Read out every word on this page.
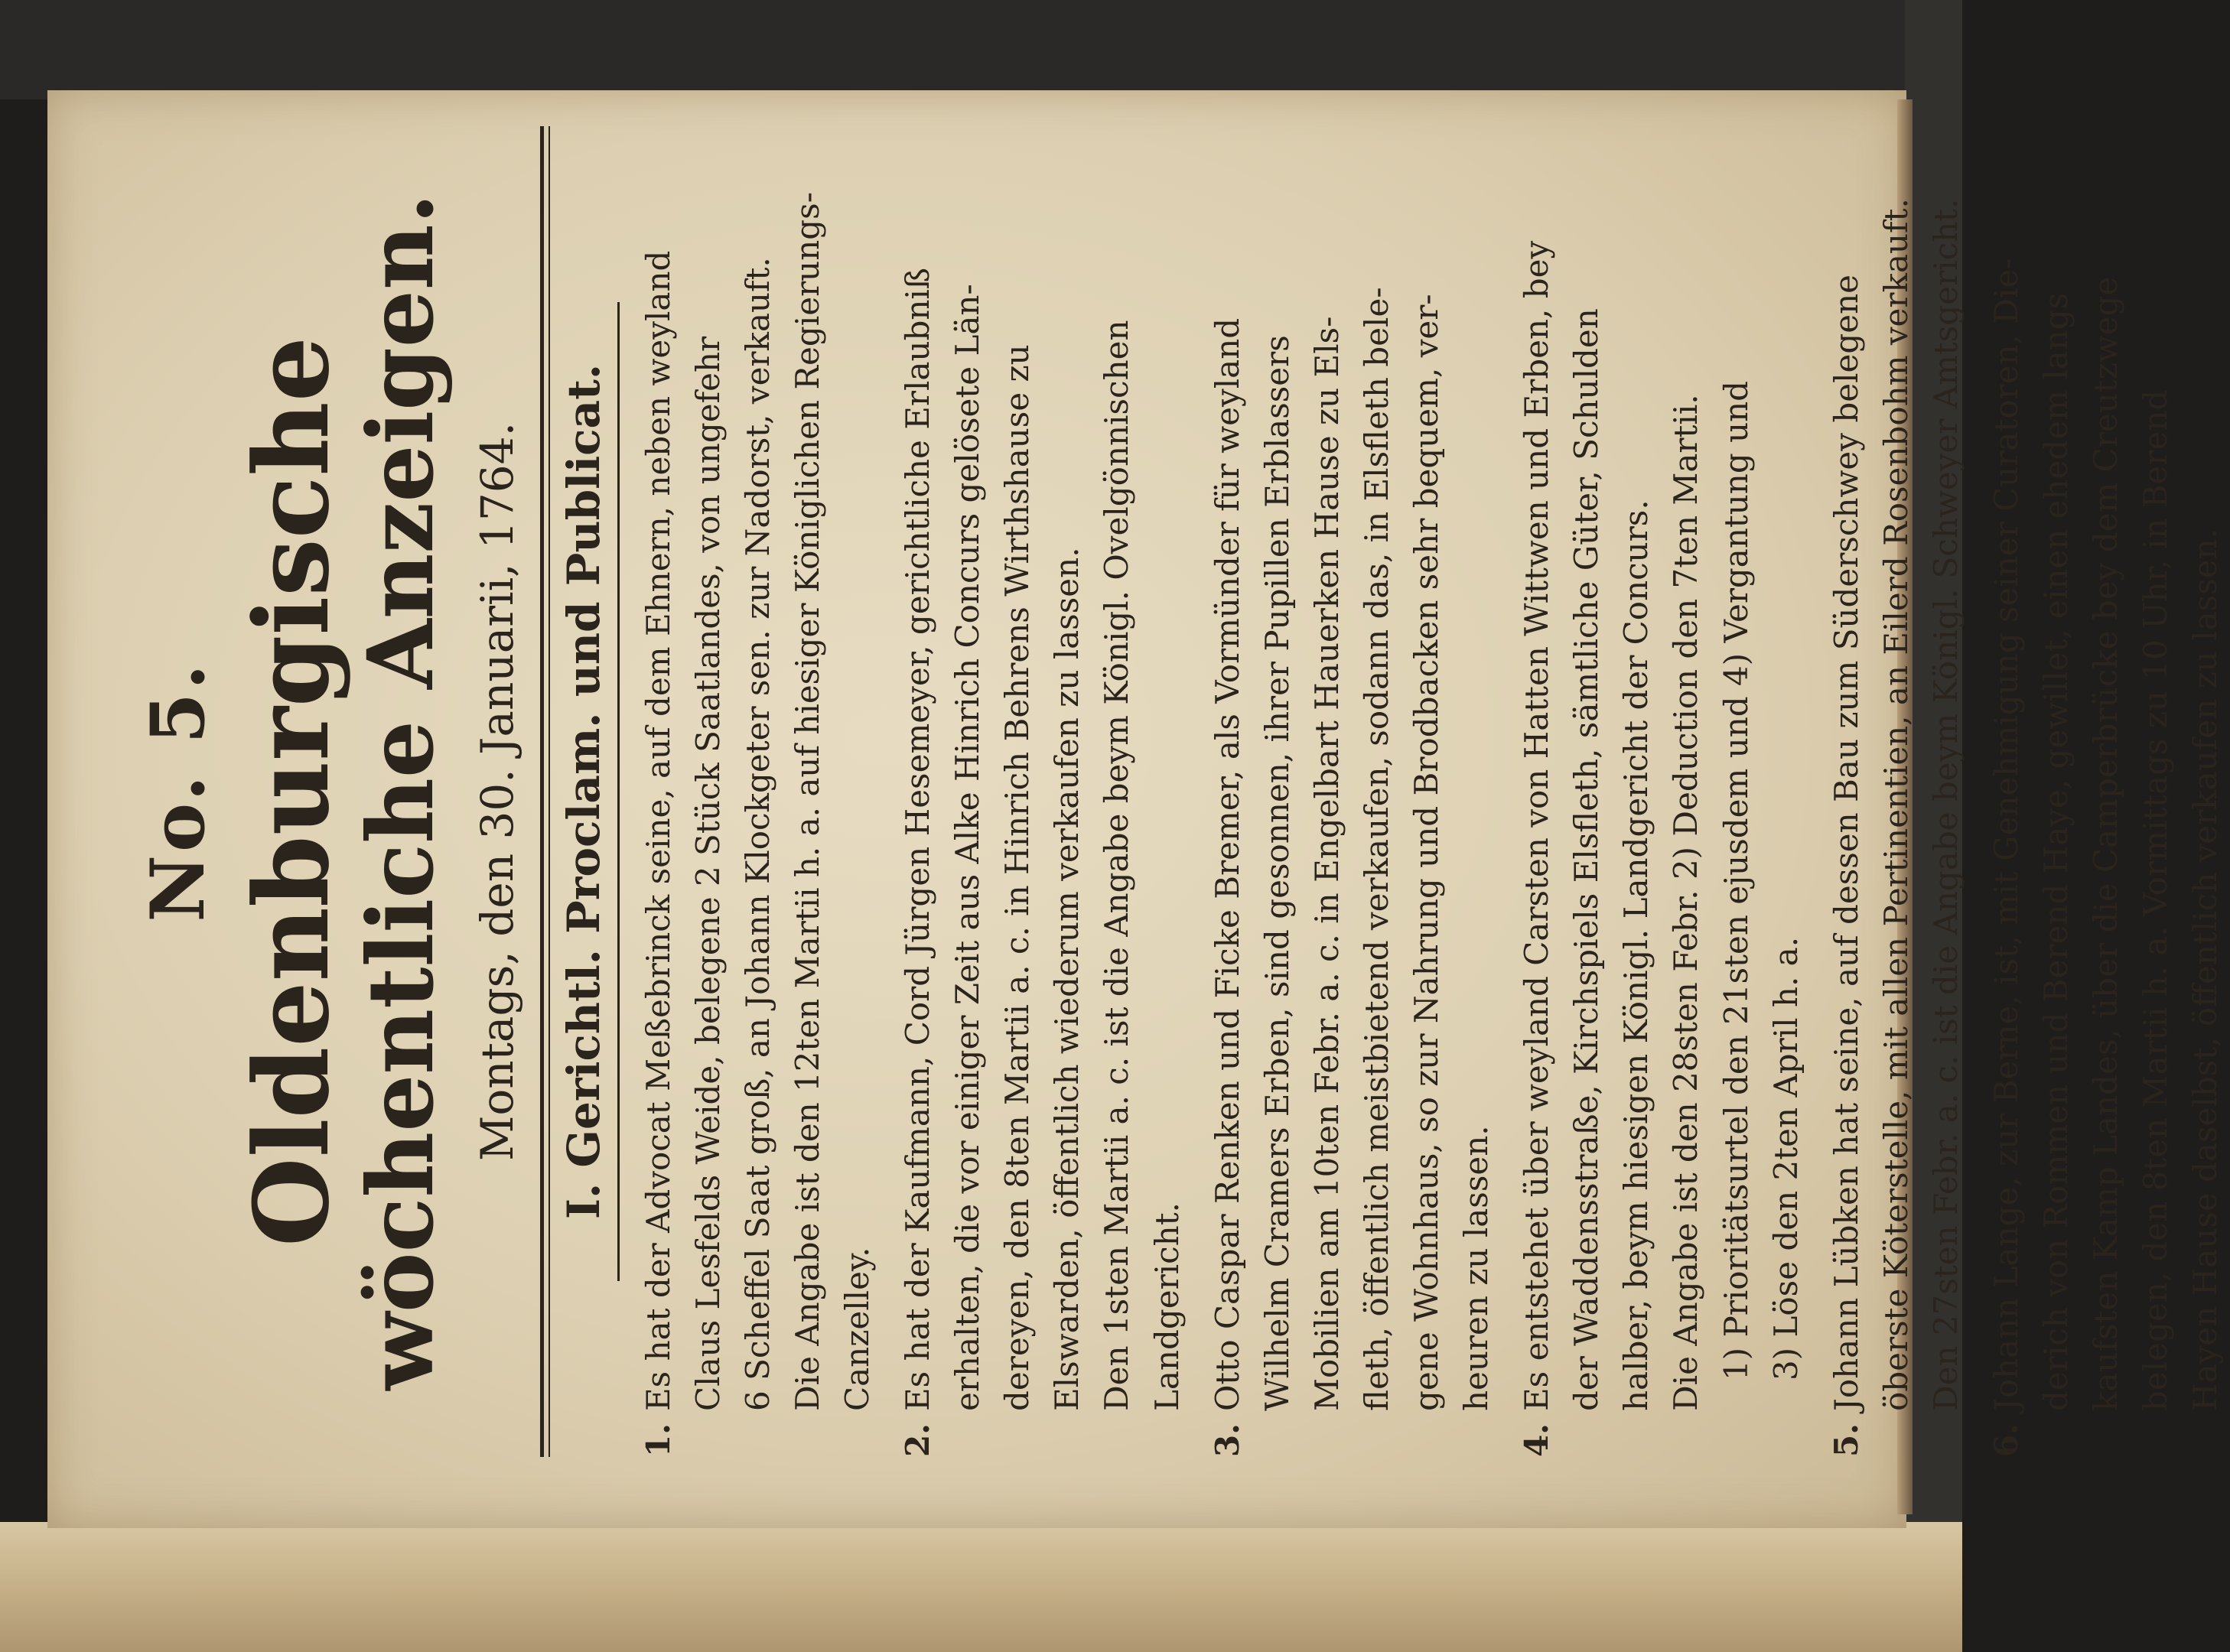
No. 5. Oldenburgische
wöchentliche Anzeigen. Montags, den 30. Januarii, 1764. I. Gerichtl. Proclam. und Publicat.
1.
Es hat der Advocat Meßebrinck seine, auf dem Ehnern, neben weyland Claus Lesfelds Weide, belegene 2 Stück Saatlandes, von ungefehr 6 Scheffel Saat groß, an Johann Klockgeter sen. zur Nadorst, verkauft. Die Angabe ist den 12ten Martii h. a. auf hiesiger Königlichen Regierungs- Canzelley.
2.
Es hat der Kaufmann, Cord Jürgen Hesemeyer, gerichtliche Erlaubniß erhalten, die vor einiger Zeit aus Alke Hinrich Concurs gelösete Län- dereyen, den 8ten Martii a. c. in Hinrich Behrens Wirthshause zu Elswarden, öffentlich wiederum verkaufen zu lassen. Den 1sten Martii a. c. ist die Angabe beym Königl. Ovelgönnischen Landgericht.
3.
Otto Caspar Renken und Ficke Bremer, als Vormünder für weyland Wilhelm Cramers Erben, sind gesonnen, ihrer Pupillen Erblassers Mobilien am 10ten Febr. a. c. in Engelbart Hauerken Hause zu Els- fleth, öffentlich meistbietend verkaufen, sodann das, in Elsfleth bele- gene Wohnhaus, so zur Nahrung und Brodbacken sehr bequem, ver- heuren zu lassen.
4.
Es entstehet über weyland Carsten von Hatten Wittwen und Erben, bey der Waddensstraße, Kirchspiels Elsfleth, sämtliche Güter, Schulden halber, beym hiesigen Königl. Landgericht der Concurs. Die Angabe ist den 28sten Febr. 2) Deduction den 7ten Martii. 1) Prioritätsurtel den 21sten ejusdem und 4) Vergantung und 3) Löse den 2ten April h. a.
5.
Johann Lübken hat seine, auf dessen Bau zum Süderschwey belegene öberste Köterstelle, mit allen Pertinentien, an Eilerd Rosenbohm verkauft. Den 27sten Febr. a. c. ist die Angabe beym Königl. Schweyer Amtsgericht.
6.
Johann Lange, zur Berne, ist, mit Genehmigung seiner Curatoren, Die- derich von Rommen und Berend Haye, gewillet, einen ehedem langs kaufsten Kamp Landes, über die Camperbrücke bey dem Creutzwege belegen, den 8ten Martii h. a. Vormittags zu 10 Uhr, in Berend Hayen Hause daselbst, öffentlich verkaufen zu lassen.
